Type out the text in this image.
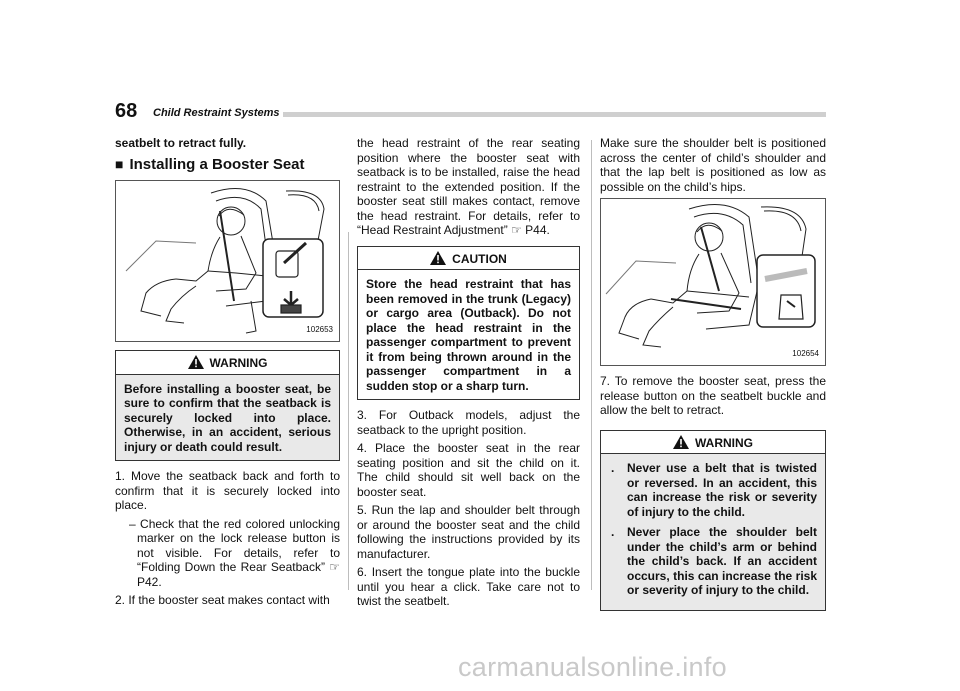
68 Child Restraint Systems

seatbelt to retract fully.

■ Installing a Booster Seat
102653
WARNING
Before installing a booster seat, be sure to confirm that the seatback is securely locked into place. Otherwise, in an accident, serious injury or death could result.

1. Move the seatback back and forth to confirm that it is securely locked into place.

– Check that the red colored unlocking marker on the lock release button is not visible. For details, refer to “Folding Down the Rear Seatback” ☞ P42.

2. If the booster seat makes contact with

the head restraint of the rear seating position where the booster seat with seatback is to be installed, raise the head restraint to the extended position. If the booster seat still makes contact, remove the head restraint. For details, refer to “Head Restraint Adjustment” ☞ P44.

CAUTION
Store the head restraint that has been removed in the trunk (Legacy) or cargo area (Outback). Do not place the head restraint in the passenger compartment to prevent it from being thrown around in the passenger compartment in a sudden stop or a sharp turn.

3. For Outback models, adjust the seatback to the upright position.

4. Place the booster seat in the rear seating position and sit the child on it. The child should sit well back on the booster seat.

5. Run the lap and shoulder belt through or around the booster seat and the child following the instructions provided by its manufacturer.

6. Insert the tongue plate into the buckle until you hear a click. Take care not to twist the seatbelt.

Make sure the shoulder belt is positioned across the center of child’s shoulder and that the lap belt is positioned as low as possible on the child’s hips.

102654

7. To remove the booster seat, press the release button on the seatbelt buckle and allow the belt to retract.

WARNING
. Never use a belt that is twisted or reversed. In an accident, this can increase the risk or severity of injury to the child.
. Never place the shoulder belt under the child’s arm or behind the child’s back. If an accident occurs, this can increase the risk or severity of injury to the child.
carmanualsonline.info
